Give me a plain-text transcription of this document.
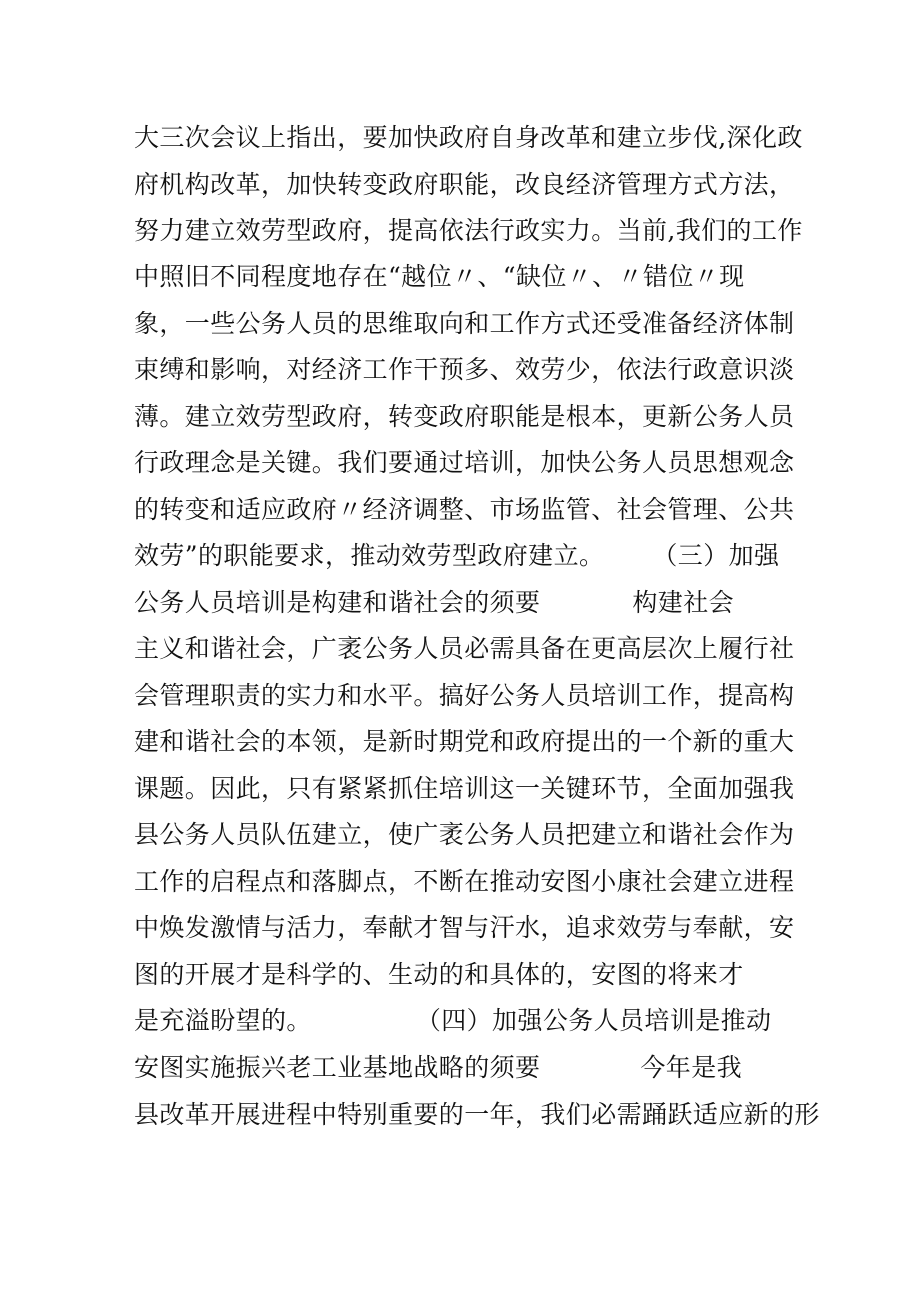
大三次会议上指出，要加快政府自身改革和建立步伐,深化政
府机构改革，加快转变政府职能，改良经济管理方式方法，
努力建立效劳型政府，提高依法行政实力。当前,我们的工作
中照旧不同程度地存在“越位〃、“缺位〃、〃错位〃现
象，一些公务人员的思维取向和工作方式还受准备经济体制
束缚和影响，对经济工作干预多、效劳少，依法行政意识淡
薄。建立效劳型政府，转变政府职能是根本，更新公务人员
行政理念是关键。我们要通过培训，加快公务人员思想观念
的转变和适应政府〃经济调整、市场监管、社会管理、公共
效劳”的职能要求，推动效劳型政府建立。 （三）加强
公务人员培训是构建和谐社会的须要	构建社会
主义和谐社会，广袤公务人员必需具备在更高层次上履行社
会管理职责的实力和水平。搞好公务人员培训工作，提高构
建和谐社会的本领，是新时期党和政府提出的一个新的重大
课题。因此，只有紧紧抓住培训这一关键环节，全面加强我
县公务人员队伍建立，使广袤公务人员把建立和谐社会作为
工作的启程点和落脚点，不断在推动安图小康社会建立进程
中焕发激情与活力，奉献才智与汗水，追求效劳与奉献，安
图的开展才是科学的、生动的和具体的，安图的将来才
是充溢盼望的。	（四）加强公务人员培训是推动
安图实施振兴老工业基地战略的须要	今年是我
县改革开展进程中特别重要的一年，我们必需踊跃适应新的形
